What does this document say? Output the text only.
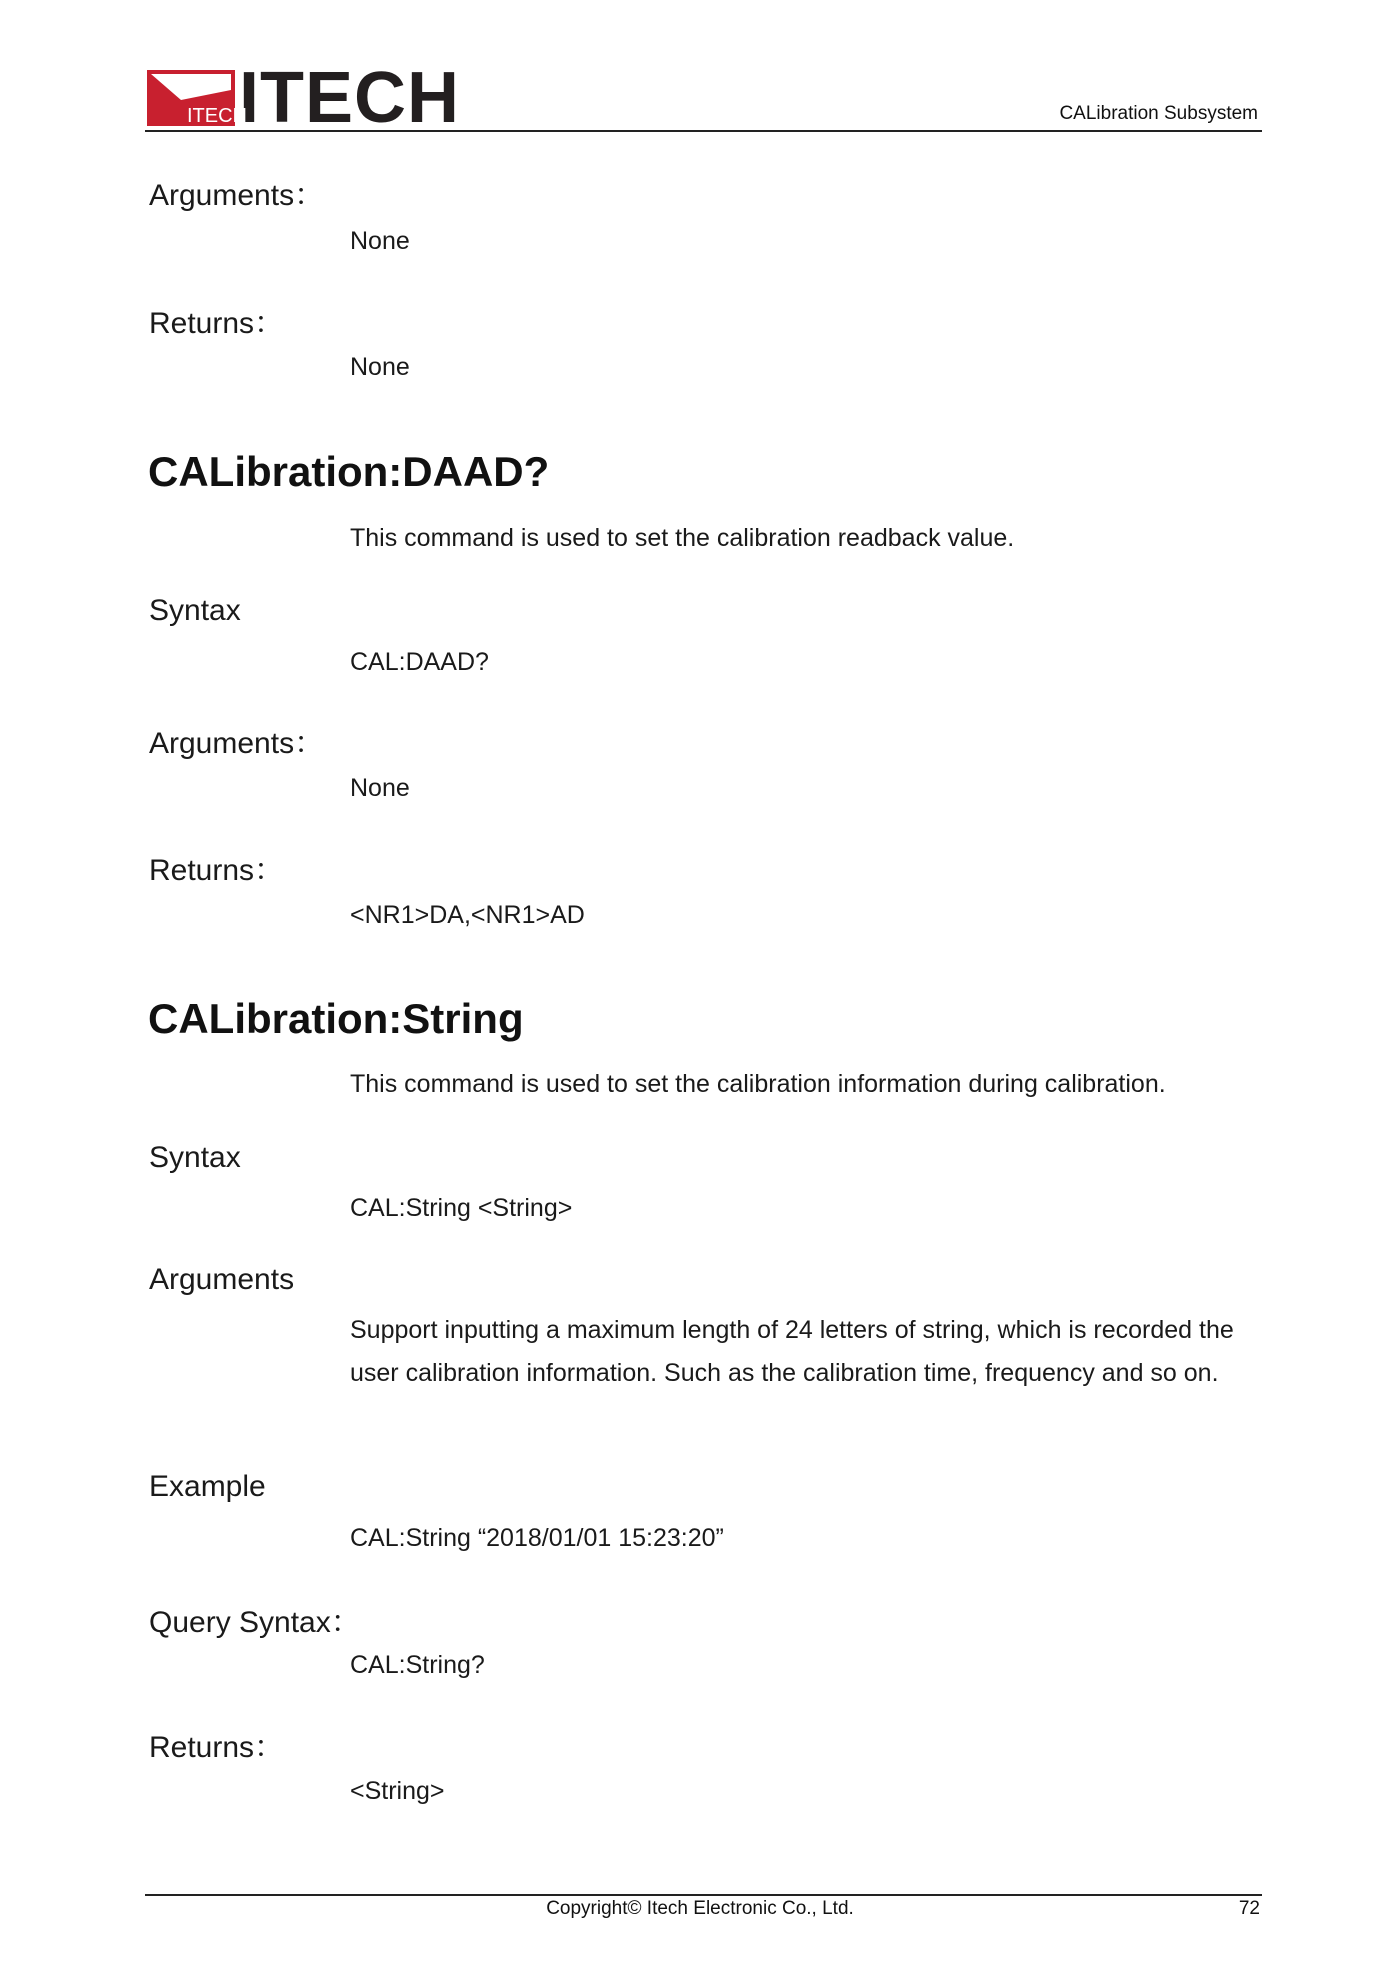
ITECH
ITECH	CALibration Subsystem
Arguments：
None
Returns：
None
CALibration:DAAD?
This command is used to set the calibration readback value.
Syntax
CAL:DAAD?
Arguments：
None
Returns：
<NR1>DA,<NR1>AD
CALibration:String
This command is used to set the calibration information during calibration.
Syntax
CAL:String <String>
Arguments
Support inputting a maximum length of 24 letters of string, which is recorded the user calibration information. Such as the calibration time, frequency and so on.
Example
CAL:String “2018/01/01 15:23:20”
Query Syntax：
CAL:String?
Returns：
<String>
Copyright© Itech Electronic Co., Ltd.	72
